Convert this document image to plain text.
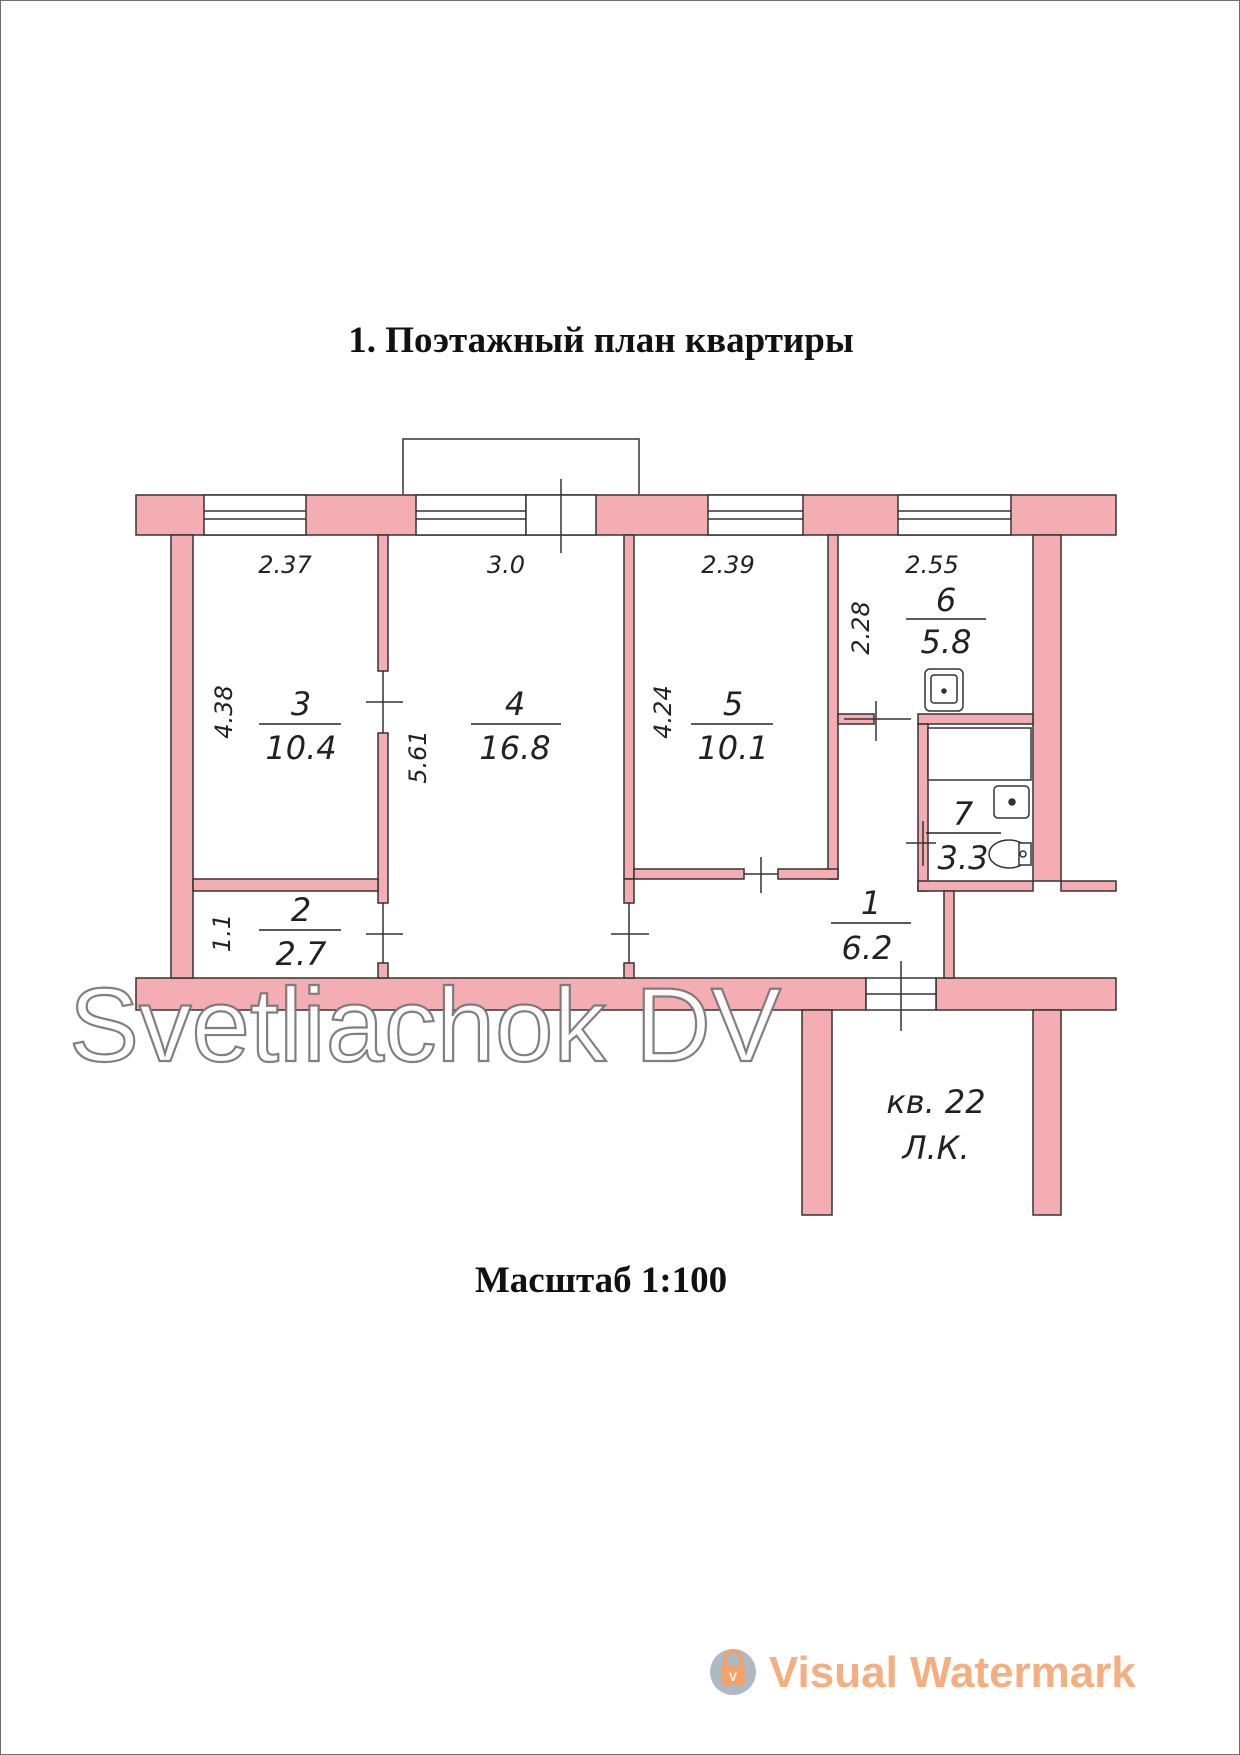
1. Поэтажный план квартиры
2.37	3.0	2.39	2.55
4.38
5.61
4.24
2.28
1.1
3
10.4
4
16.8
5
10.1
6
5.8
7
3.3
2
2.7
1
6.2
кв. 22
Л.К.
Svetliachok DV
V Visual Watermark
Масштаб 1:100
